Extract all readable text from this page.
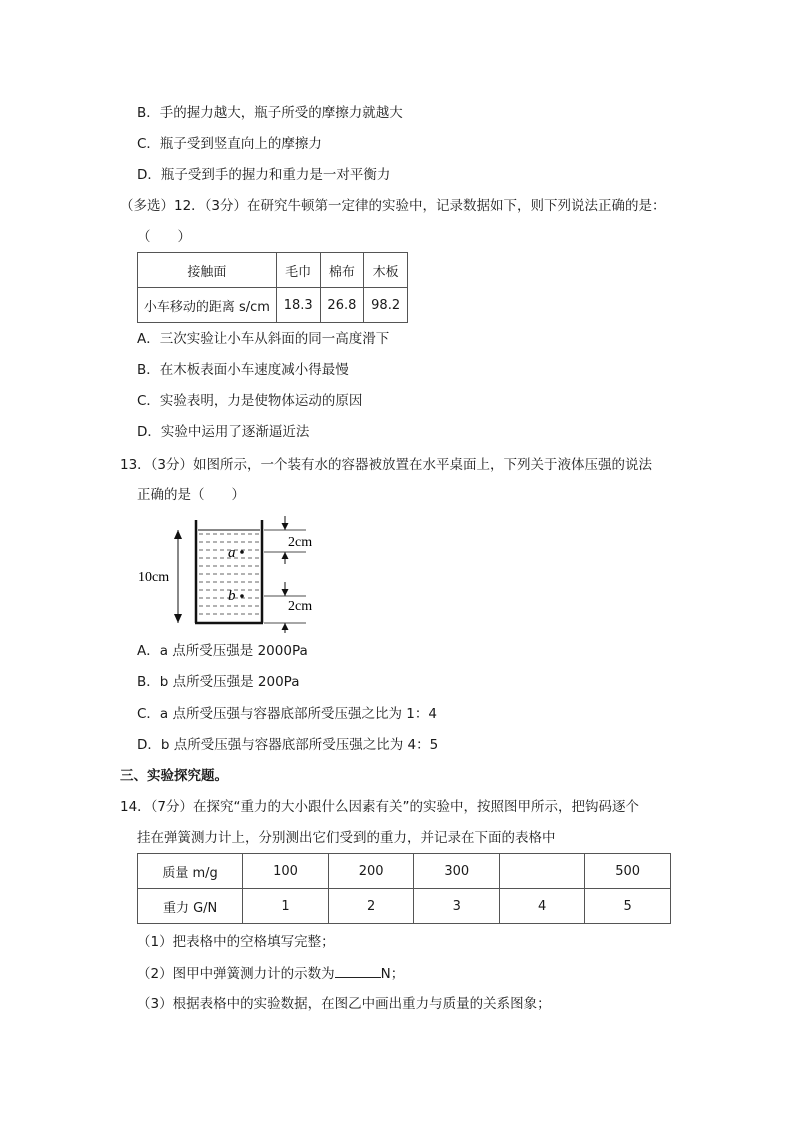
B．手的握力越大，瓶子所受的摩擦力就越大
C．瓶子受到竖直向上的摩擦力
D．瓶子受到手的握力和重力是一对平衡力
（多选）12．（3分）在研究牛顿第一定律的实验中，记录数据如下，则下列说法正确的是：
（　　）
接触面	毛巾	棉布	木板
小车移动的距离 s/cm	18.3	26.8	98.2
A．三次实验让小车从斜面的同一高度滑下
B．在木板表面小车速度减小得最慢
C．实验表明，力是使物体运动的原因
D．实验中运用了逐渐逼近法
13．（3分）如图所示，一个装有水的容器被放置在水平桌面上，下列关于液体压强的说法
正确的是（　　）
a
b
10cm
2cm
2cm
A．a 点所受压强是 2000Pa
B．b 点所受压强是 200Pa
C．a 点所受压强与容器底部所受压强之比为 1：4
D．b 点所受压强与容器底部所受压强之比为 4：5
三、实验探究题。
14．（7分）在探究“重力的大小跟什么因素有关”的实验中，按照图甲所示，把钩码逐个
挂在弹簧测力计上，分别测出它们受到的重力，并记录在下面的表格中
质量 m/g	100	200	300		500
重力 G/N	1	2	3	4	5
（1）把表格中的空格填写完整；
（2）图甲中弹簧测力计的示数为	N；
（3）根据表格中的实验数据，在图乙中画出重力与质量的关系图象；
